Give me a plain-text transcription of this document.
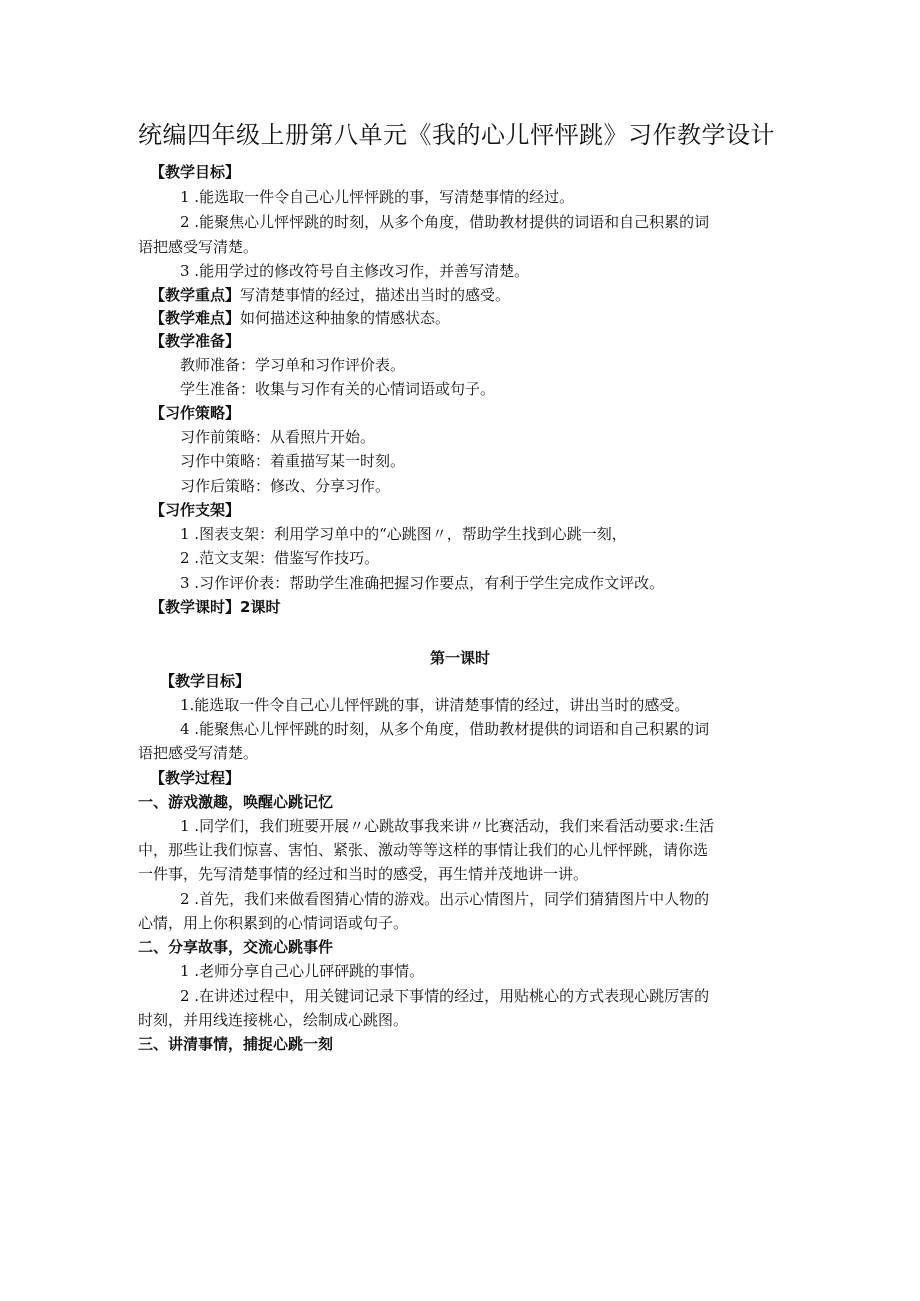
统编四年级上册第八单元《我的心儿怦怦跳》习作教学设计
【教学目标】
1 .能选取一件令自己心儿怦怦跳的事，写清楚事情的经过。
2 .能聚焦心儿怦怦跳的时刻，从多个角度，借助教材提供的词语和自己积累的词
语把感受写清楚。
3 .能用学过的修改符号自主修改习作，并善写清楚。
【教学重点】写清楚事情的经过，描述出当时的感受。
【教学难点】如何描述这种抽象的情感状态。
【教学准备】
教师准备：学习单和习作评价表。
学生准备：收集与习作有关的心情词语或句子。
【习作策略】
习作前策略：从看照片开始。
习作中策略：着重描写某一时刻。
习作后策略：修改、分享习作。
【习作支架】
1 .图表支架：利用学习单中的“心跳图〃，帮助学生找到心跳一刻，
2 .范文支架：借鉴写作技巧。
3 .习作评价表：帮助学生准确把握习作要点，有利于学生完成作文评改。
【教学课时】2课时
第一课时
【教学目标】
1.能选取一件令自己心儿怦怦跳的事，讲清楚事情的经过，讲出当时的感受。
4 .能聚焦心儿怦怦跳的时刻，从多个角度，借助教材提供的词语和自己积累的词
语把感受写清楚。
【教学过程】
一、游戏激趣，唤醒心跳记忆
1 .同学们，我们班要开展〃心跳故事我来讲〃比赛活动，我们来看活动要求:生活
中，那些让我们惊喜、害怕、紧张、激动等等这样的事情让我们的心儿怦怦跳，请你选
一件事，先写清楚事情的经过和当时的感受，再生情并茂地讲一讲。
2 .首先，我们来做看图猜心情的游戏。出示心情图片，同学们猜猜图片中人物的
心情，用上你积累到的心情词语或句子。
二、分享故事，交流心跳事件
1 .老师分享自己心儿砰砰跳的事情。
2 .在讲述过程中，用关键词记录下事情的经过，用贴桃心的方式表现心跳厉害的
时刻，并用线连接桃心，绘制成心跳图。
三、讲清事情，捕捉心跳一刻
